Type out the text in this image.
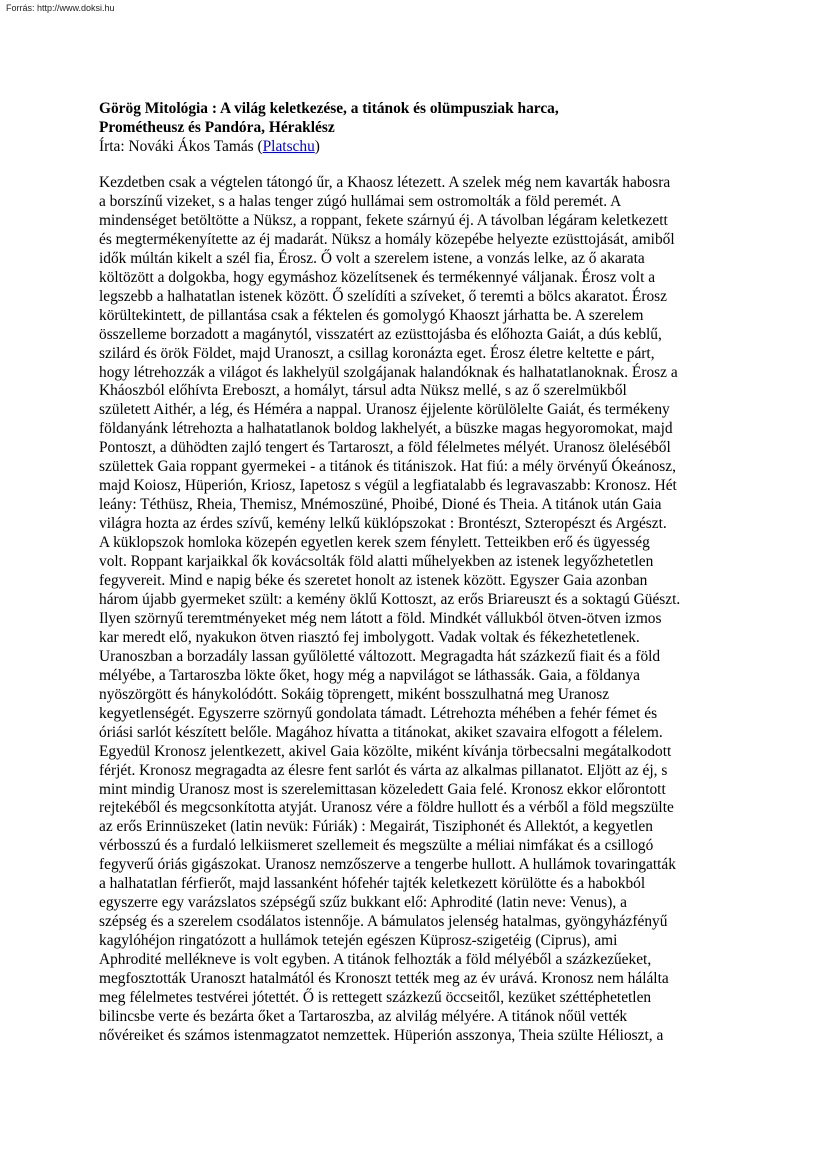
Forrás: http://www.doksi.hu

Görög Mitológia : A világ keletkezése, a titánok és olümpusziak harca,
Prométheusz és Pandóra, Héraklész

Írta: Nováki Ákos Tamás (Platschu)

Kezdetben csak a végtelen tátongó űr, a Khaosz létezett. A szelek még nem kavarták habosra
a borszínű vizeket, s a halas tenger zúgó hullámai sem ostromolták a föld peremét. A
mindenséget betöltötte a Nüksz, a roppant, fekete szárnyú éj. A távolban légáram keletkezett
és megtermékenyítette az éj madarát. Nüksz a homály közepébe helyezte ezüsttojását, amiből
idők múltán kikelt a szél fia, Érosz. Ő volt a szerelem istene, a vonzás lelke, az ő akarata
költözött a dolgokba, hogy egymáshoz közelítsenek és termékennyé váljanak. Érosz volt a
legszebb a halhatatlan istenek között. Ő szelídíti a szíveket, ő teremti a bölcs akaratot. Érosz
körültekintett, de pillantása csak a féktelen és gomolygó Khaoszt járhatta be. A szerelem
összelleme borzadott a magánytól, visszatért az ezüsttojásba és előhozta Gaiát, a dús keblű,
szilárd és örök Földet, majd Uranoszt, a csillag koronázta eget. Érosz életre keltette e párt,
hogy létrehozzák a világot és lakhelyül szolgájanak halandóknak és halhatatlanoknak. Érosz a
Kháoszból előhívta Ereboszt, a homályt, társul adta Nüksz mellé, s az ő szerelmükből
született Aithér, a lég, és Héméra a nappal. Uranosz éjjelente körülölelte Gaiát, és termékeny
földanyánk létrehozta a halhatatlanok boldog lakhelyét, a büszke magas hegyoromokat, majd
Pontoszt, a dühödten zajló tengert és Tartaroszt, a föld félelmetes mélyét. Uranosz öleléséből
születtek Gaia roppant gyermekei - a titánok és titániszok. Hat fiú: a mély örvényű Ókeánosz,
majd Koiosz, Hüperión, Kriosz, Iapetosz s végül a legfiatalabb és legravaszabb: Kronosz. Hét
leány: Téthüsz, Rheia, Themisz, Mnémoszüné, Phoibé, Dioné és Theia. A titánok után Gaia
világra hozta az érdes szívű, kemény lelkű küklópszokat : Brontészt, Szteropészt és Argészt.
A küklopszok homloka közepén egyetlen kerek szem fénylett. Tetteikben erő és ügyesség
volt. Roppant karjaikkal ők kovácsolták föld alatti műhelyekben az istenek legyőzhetetlen
fegyvereit. Mind e napig béke és szeretet honolt az istenek között. Egyszer Gaia azonban
három újabb gyermeket szült: a kemény öklű Kottoszt, az erős Briareuszt és a soktagú Güészt.
Ilyen szörnyű teremtményeket még nem látott a föld. Mindkét vállukból ötven-ötven izmos
kar meredt elő, nyakukon ötven riasztó fej imbolygott. Vadak voltak és fékezhetetlenek.
Uranoszban a borzadály lassan gyűlöletté változott. Megragadta hát százkezű fiait és a föld
mélyébe, a Tartaroszba lökte őket, hogy még a napvilágot se láthassák. Gaia, a földanya
nyöszörgött és hánykolódótt. Sokáig töprengett, miként bosszulhatná meg Uranosz
kegyetlenségét. Egyszerre szörnyű gondolata támadt. Létrehozta méhében a fehér fémet és
óriási sarlót készített belőle. Magához hívatta a titánokat, akiket szavaira elfogott a félelem.
Egyedül Kronosz jelentkezett, akivel Gaia közölte, miként kívánja törbecsalni megátalkodott
férjét. Kronosz megragadta az élesre fent sarlót és várta az alkalmas pillanatot. Eljött az éj, s
mint mindig Uranosz most is szerelemittasan közeledett Gaia felé. Kronosz ekkor előrontott
rejtekéből és megcsonkította atyját. Uranosz vére a földre hullott és a vérből a föld megszülte
az erős Erinnüszeket (latin nevük: Fúriák) : Megairát, Tisziphonét és Allektót, a kegyetlen
vérbosszú és a furdaló lelkiismeret szellemeit és megszülte a méliai nimfákat és a csillogó
fegyverű óriás gigászokat. Uranosz nemzőszerve a tengerbe hullott. A hullámok tovaringatták
a halhatatlan férfierőt, majd lassanként hófehér tajték keletkezett körülötte és a habokból
egyszerre egy varázslatos szépségű szűz bukkant elő: Aphrodité (latin neve: Venus), a
szépség és a szerelem csodálatos istennője. A bámulatos jelenség hatalmas, gyöngyházfényű
kagylóhéjon ringatózott a hullámok tetején egészen Küprosz-szigetéig (Ciprus), ami
Aphrodité mellékneve is volt egyben. A titánok felhozták a föld mélyéből a százkezűeket,
megfosztották Uranoszt hatalmától és Kronoszt tették meg az év urává. Kronosz nem hálálta
meg félelmetes testvérei jótettét. Ő is rettegett százkezű öccseitől, kezüket széttéphetetlen
bilincsbe verte és bezárta őket a Tartaroszba, az alvilág mélyére. A titánok nőül vették
nővéreiket és számos istenmagzatot nemzettek. Hüperión asszonya, Theia szülte Hélioszt, a
